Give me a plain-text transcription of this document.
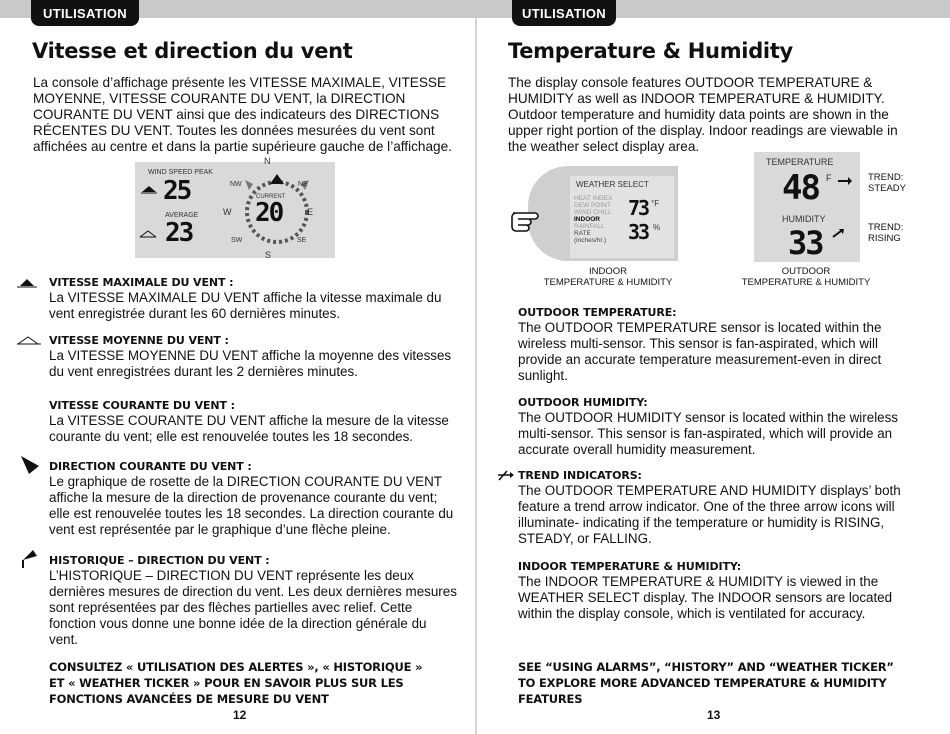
UTILISATION
Vitesse et direction du vent

La console d’affichage présente les VITESSE MAXIMALE, VITESSE MOYENNE, VITESSE COURANTE DU VENT, la DIRECTION COURANTE DU VENT ainsi que des indicateurs des DIRECTIONS RÉCENTES DU VENT. Toutes les données mesurées du vent sont affichées au centre et dans la partie supérieure gauche de l’affichage.

WIND SPEED PEAK
25
AVERAGE
23
N
NE
E
SE
S
SW
W
NW
CURRENT
20
VITESSE MAXIMALE DU VENT :
La VITESSE MAXIMALE DU VENT affiche la vitesse maximale du vent enregistrée durant les 60 dernières minutes.
VITESSE MOYENNE DU VENT :
La VITESSE MOYENNE DU VENT affiche la moyenne des vitesses du vent enregistrées durant les 2 dernières minutes.
VITESSE COURANTE DU VENT :
La VITESSE COURANTE DU VENT affiche la mesure de la vitesse courante du vent; elle est renouvelée toutes les 18 secondes.
DIRECTION COURANTE DU VENT :
Le graphique de rosette de la DIRECTION COURANTE DU VENT affiche la mesure de la direction de provenance courante du vent; elle est renouvelée toutes les 18 secondes. La direction courante du vent est représentée par le graphique d’une flèche pleine.
HISTORIQUE – DIRECTION DU VENT :
L’HISTORIQUE – DIRECTION DU VENT représente les deux dernières mesures de direction du vent. Les deux dernières mesures sont représentées par des flèches partielles avec relief. Cette fonction vous donne une bonne idée de la direction générale du vent.
CONSULTEZ « UTILISATION DES ALERTES », « HISTORIQUE » ET « WEATHER TICKER » POUR EN SAVOIR PLUS SUR LES FONCTIONS AVANCÉES DE MESURE DU VENT
12
UTILISATION
Temperature & Humidity

The display console features OUTDOOR TEMPERATURE & HUMIDITY as well as INDOOR TEMPERATURE & HUMIDITY. Outdoor temperature and humidity data points are shown in the upper right portion of the display. Indoor readings are viewable in the weather select display area.

WEATHER SELECT
HEAT INDEX
DEW POINT
WIND CHILL
INDOOR
RAINFALL
RATE
(inches/hr.)
73 °F
33 %
INDOOR
TEMPERATURE & HUMIDITY
TEMPERATURE
48 F
HUMIDITY
33
TREND:
STEADY
TREND:
RISING
OUTDOOR
TEMPERATURE & HUMIDITY
OUTDOOR TEMPERATURE:
The OUTDOOR TEMPERATURE sensor is located within the wireless multi-sensor. This sensor is fan-aspirated, which will provide an accurate temperature measurement-even in direct sunlight.
OUTDOOR HUMIDITY:
The OUTDOOR HUMIDITY sensor is located within the wireless multi-sensor. This sensor is fan-aspirated, which will provide an accurate overall humidity measurement.
TREND INDICATORS:
The OUTDOOR TEMPERATURE AND HUMIDITY displays’ both feature a trend arrow indicator. One of the three arrow icons will illuminate- indicating if the temperature or humidity is RISING, STEADY, or FALLING.
INDOOR TEMPERATURE & HUMIDITY:
The INDOOR TEMPERATURE & HUMIDITY is viewed in the WEATHER SELECT display. The INDOOR sensors are located within the display console, which is ventilated for accuracy.
SEE “USING ALARMS”, “HISTORY” AND “WEATHER TICKER” TO EXPLORE MORE ADVANCED TEMPERATURE & HUMIDITY FEATURES
13
